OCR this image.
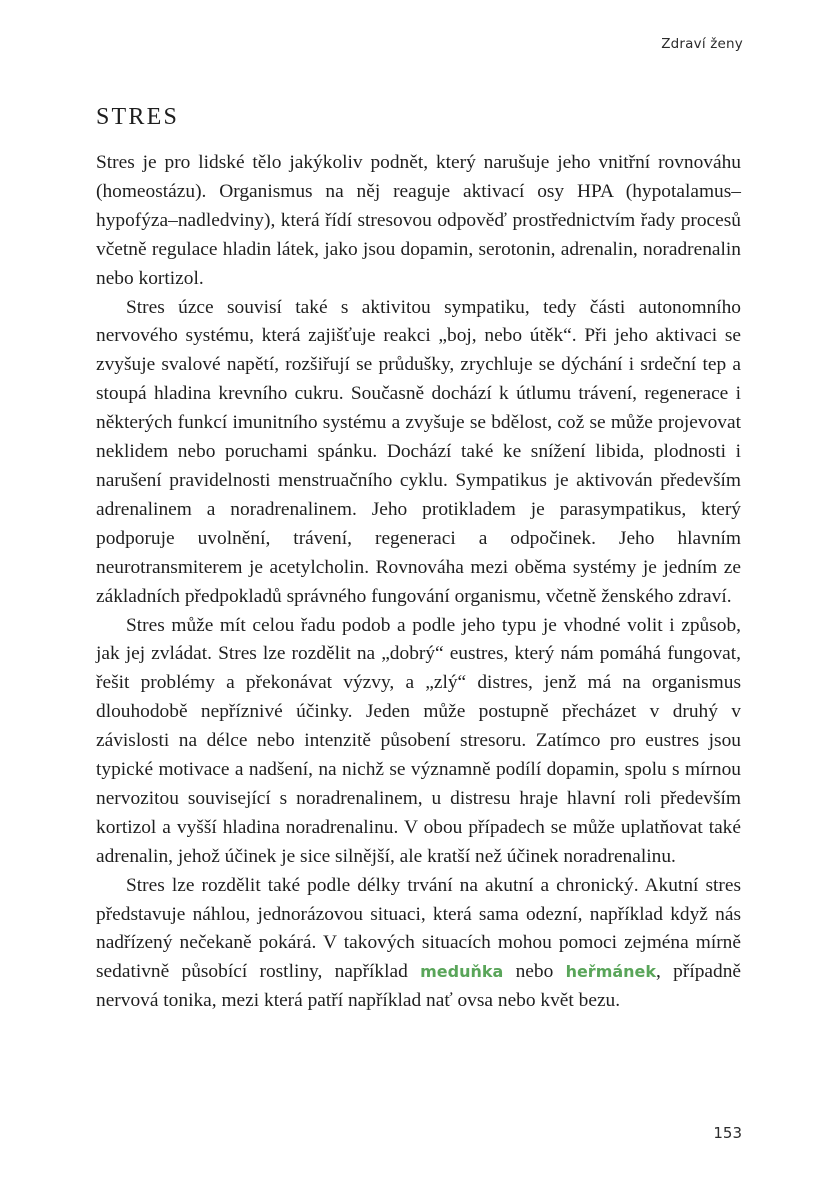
Zdraví ženy
STRES

Stres je pro lidské tělo jakýkoliv podnět, který narušuje jeho vnitřní rovnováhu (homeostázu). Organismus na něj reaguje aktivací osy HPA (hypotalamus–hypofýza–nadledviny), která řídí stresovou odpověď prostřednictvím řady procesů včetně regulace hladin látek, jako jsou dopamin, serotonin, adrenalin, noradrenalin nebo kortizol.

Stres úzce souvisí také s aktivitou sympatiku, tedy části autonomního nervového systému, která zajišťuje reakci „boj, nebo útěk“. Při jeho aktivaci se zvyšuje svalové napětí, rozšiřují se průdušky, zrychluje se dýchání i srdeční tep a stoupá hladina krevního cukru. Současně dochází k útlumu trávení, regenerace i některých funkcí imunitního systému a zvyšuje se bdělost, což se může projevovat neklidem nebo poruchami spánku. Dochází také ke snížení libida, plodnosti i narušení pravidelnosti menstruačního cyklu. Sympatikus je aktivován především adrenalinem a noradrenalinem. Jeho protikladem je parasympatikus, který podporuje uvolnění, trávení, regeneraci a odpočinek. Jeho hlavním neurotransmiterem je acetylcholin. Rovnováha mezi oběma systémy je jedním ze základních předpokladů správného fungování organismu, včetně ženského zdraví.

Stres může mít celou řadu podob a podle jeho typu je vhodné volit i způsob, jak jej zvládat. Stres lze rozdělit na „dobrý“ eustres, který nám pomáhá fungovat, řešit problémy a překonávat výzvy, a „zlý“ distres, jenž má na organismus dlouhodobě nepříznivé účinky. Jeden může postupně přecházet v druhý v závislosti na délce nebo intenzitě působení stresoru. Zatímco pro eustres jsou typické motivace a nadšení, na nichž se významně podílí dopamin, spolu s mírnou nervozitou související s noradrenalinem, u distresu hraje hlavní roli především kortizol a vyšší hladina noradrenalinu. V obou případech se může uplatňovat také adrenalin, jehož účinek je sice silnější, ale kratší než účinek noradrenalinu.

Stres lze rozdělit také podle délky trvání na akutní a chronický. Akutní stres představuje náhlou, jednorázovou situaci, která sama odezní, například když nás nadřízený nečekaně pokárá. V takových situacích mohou pomoci zejména mírně sedativně působící rostliny, například meduňka nebo heřmánek, případně nervová tonika, mezi která patří například nať ovsa nebo květ bezu.

153
